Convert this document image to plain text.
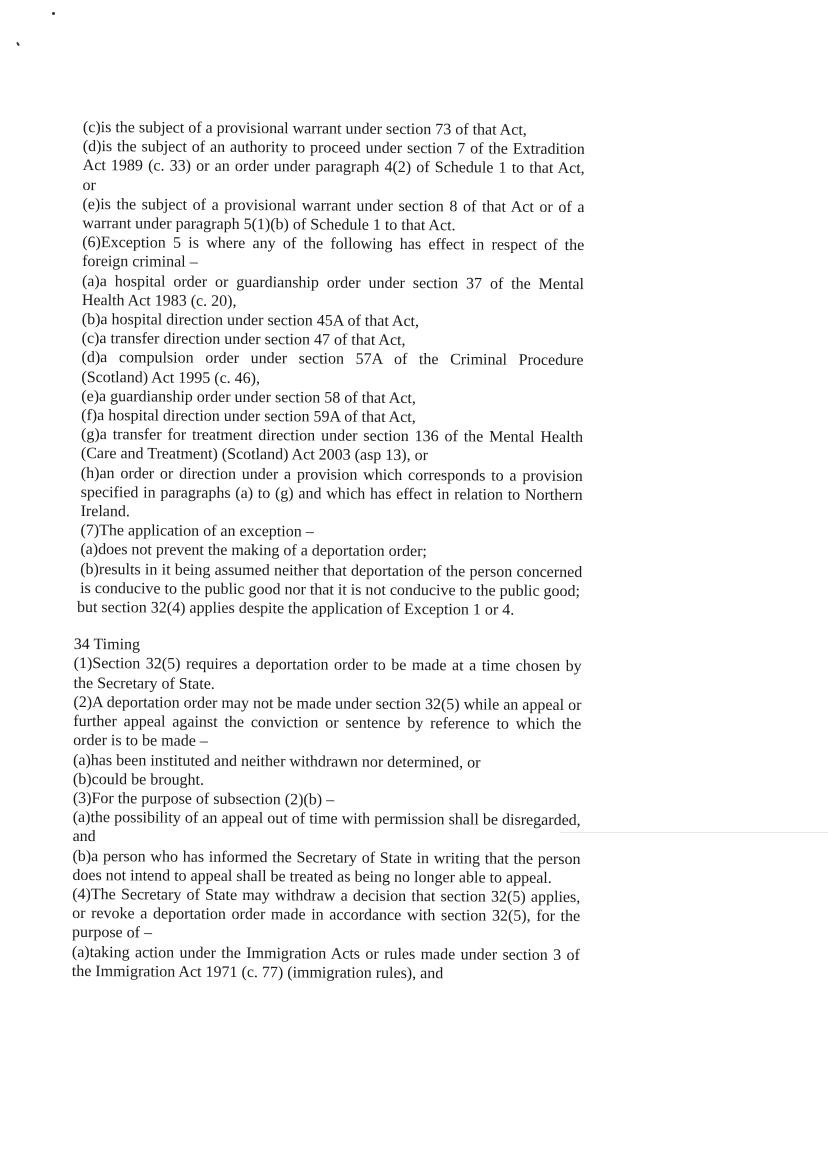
(c)is the subject of a provisional warrant under section 73 of that Act,

(d)is the subject of an authority to proceed under section 7 of the Extradition Act 1989 (c. 33) or an order under paragraph 4(2) of Schedule 1 to that Act, or

(e)is the subject of a provisional warrant under section 8 of that Act or of a warrant under paragraph 5(1)(b) of Schedule 1 to that Act.

(6)Exception 5 is where any of the following has effect in respect of the foreign criminal –

(a)a hospital order or guardianship order under section 37 of the Mental Health Act 1983 (c. 20),

(b)a hospital direction under section 45A of that Act,

(c)a transfer direction under section 47 of that Act,

(d)a compulsion order under section 57A of the Criminal Procedure (Scotland) Act 1995 (c. 46),

(e)a guardianship order under section 58 of that Act,

(f)a hospital direction under section 59A of that Act,

(g)a transfer for treatment direction under section 136 of the Mental Health (Care and Treatment) (Scotland) Act 2003 (asp 13), or

(h)an order or direction under a provision which corresponds to a provision specified in paragraphs (a) to (g) and which has effect in relation to Northern Ireland.

(7)The application of an exception –

(a)does not prevent the making of a deportation order;

(b)results in it being assumed neither that deportation of the person concerned is conducive to the public good nor that it is not conducive to the public good;

but section 32(4) applies despite the application of Exception 1 or 4.

34 Timing

(1)Section 32(5) requires a deportation order to be made at a time chosen by the Secretary of State.

(2)A deportation order may not be made under section 32(5) while an appeal or further appeal against the conviction or sentence by reference to which the order is to be made –

(a)has been instituted and neither withdrawn nor determined, or

(b)could be brought.

(3)For the purpose of subsection (2)(b) –

(a)the possibility of an appeal out of time with permission shall be disregarded, and

(b)a person who has informed the Secretary of State in writing that the person does not intend to appeal shall be treated as being no longer able to appeal.

(4)The Secretary of State may withdraw a decision that section 32(5) applies, or revoke a deportation order made in accordance with section 32(5), for the purpose of –

(a)taking action under the Immigration Acts or rules made under section 3 of the Immigration Act 1971 (c. 77) (immigration rules), and
